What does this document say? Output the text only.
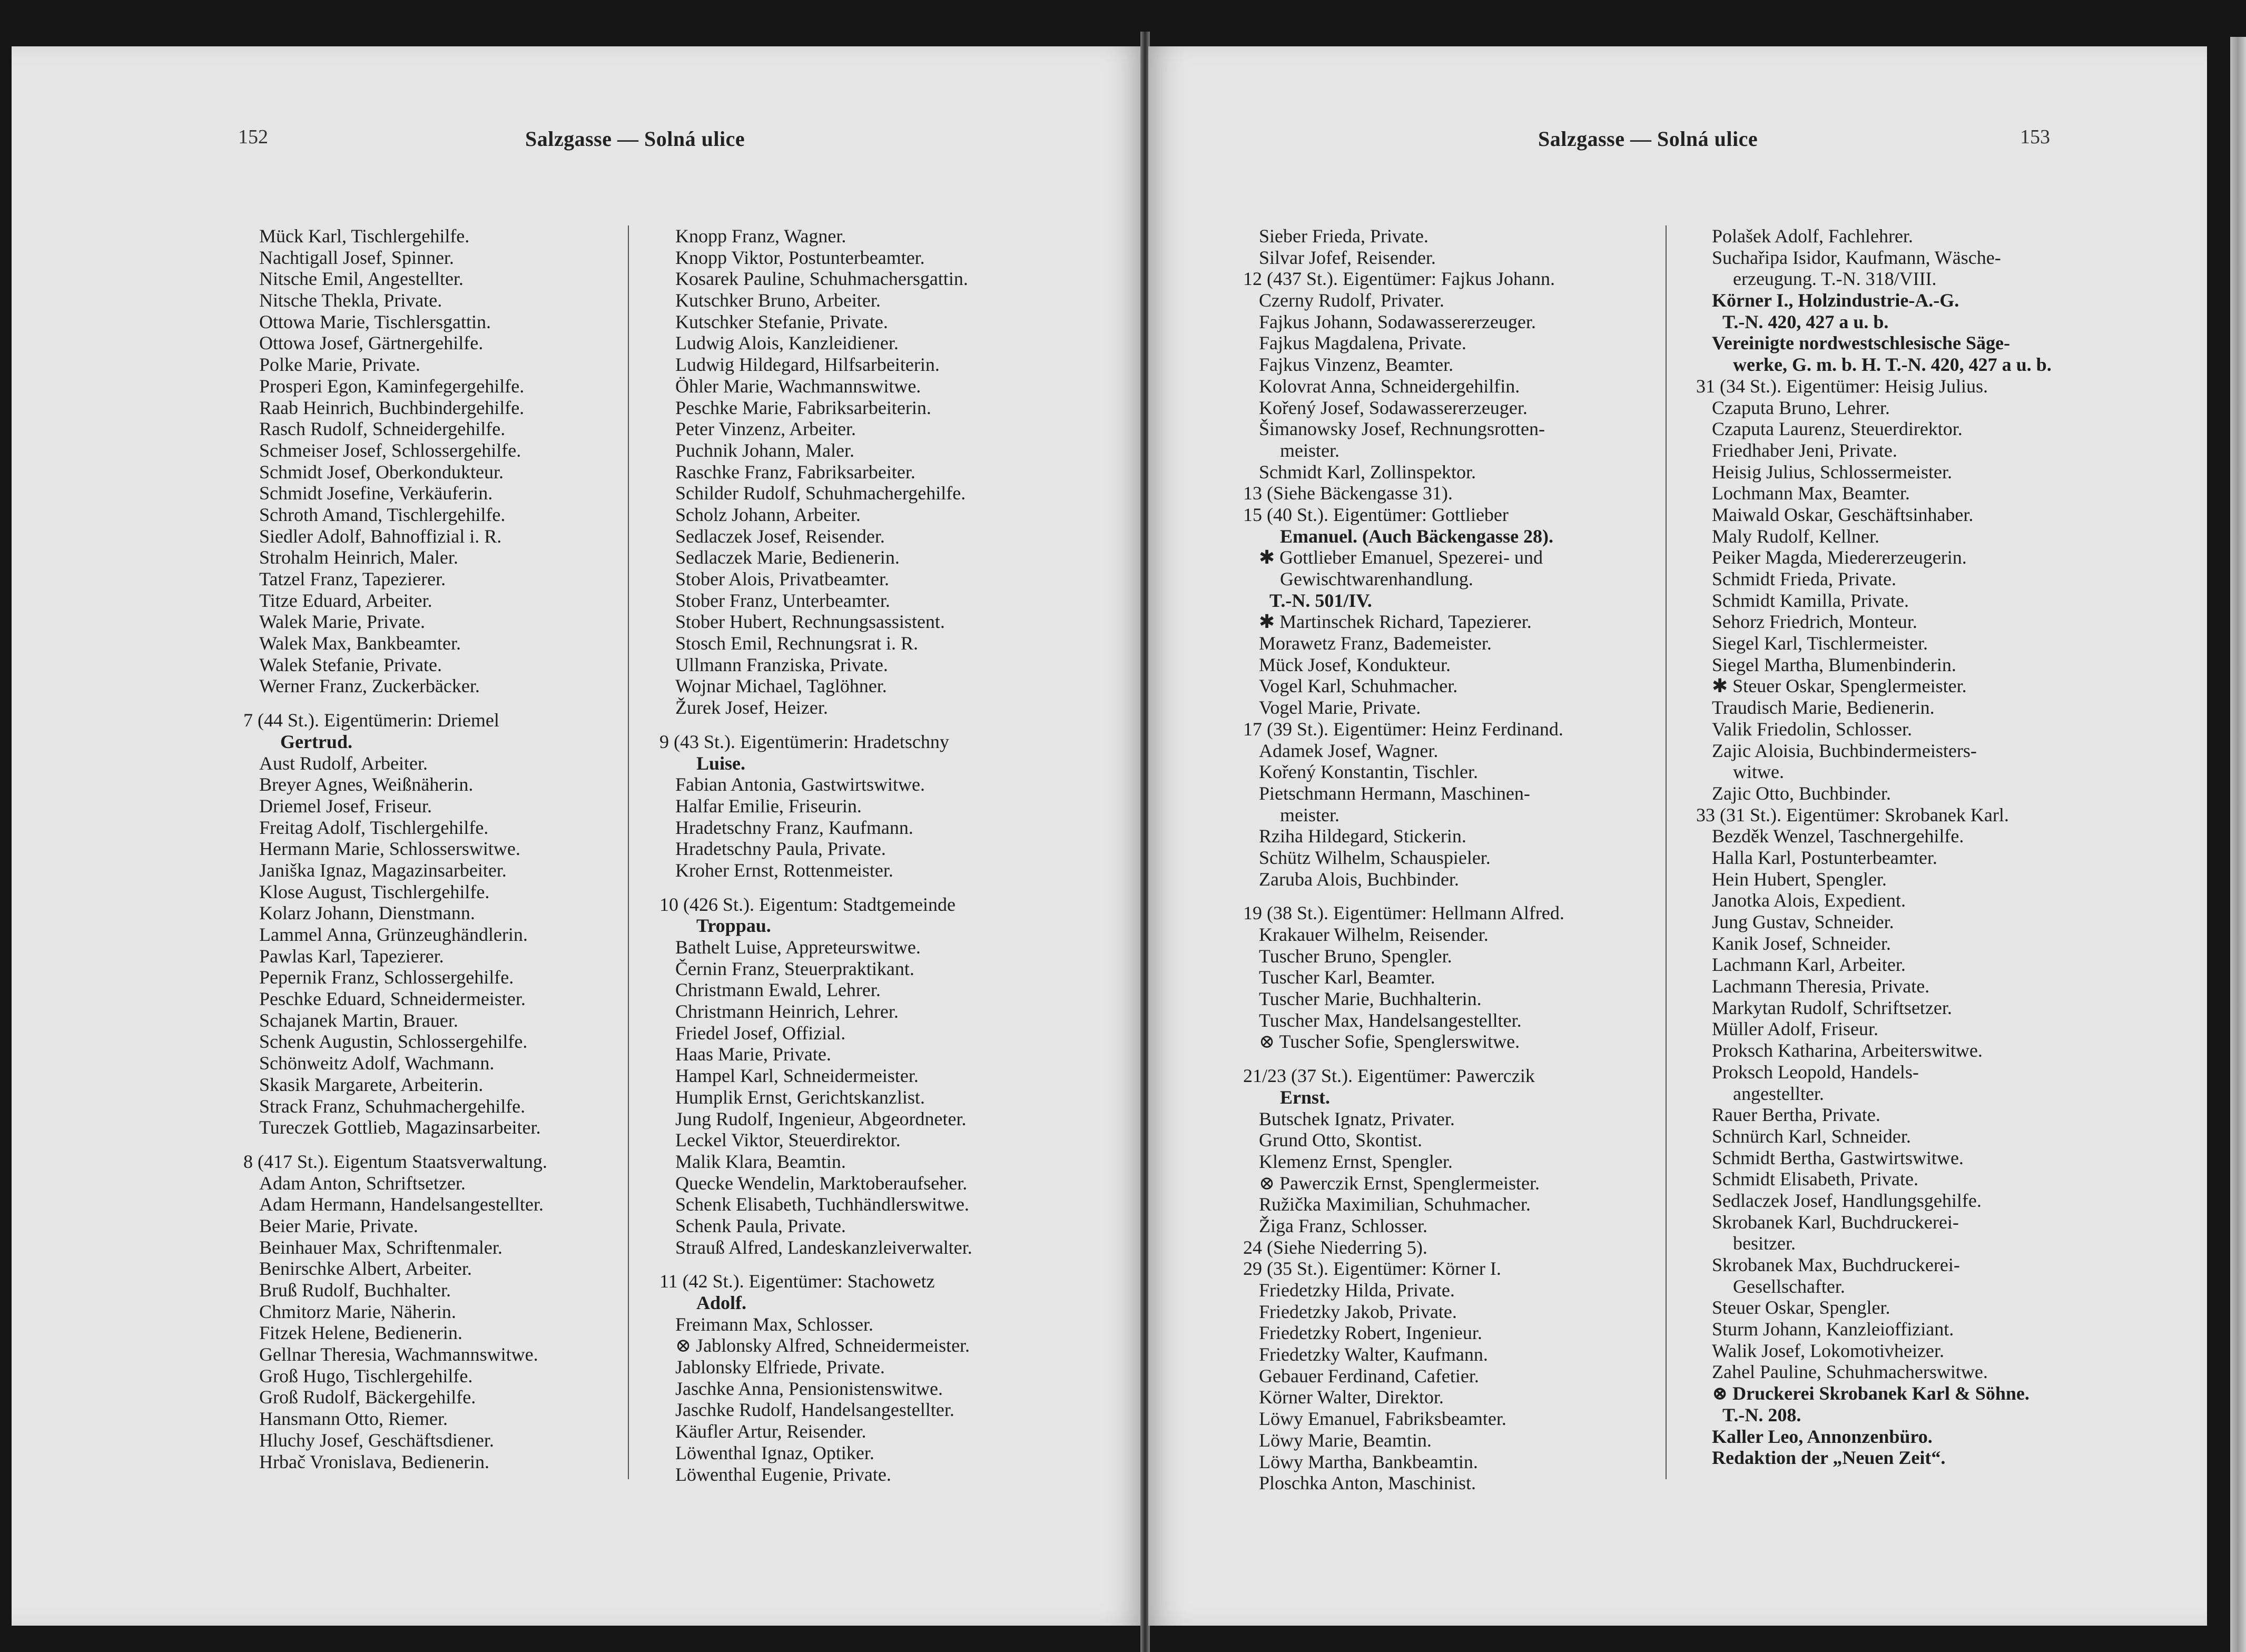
152	Salzgasse — Solná ulice
Mück Karl, Tischlergehilfe.
Nachtigall Josef, Spinner.
Nitsche Emil, Angestellter.
Nitsche Thekla, Private.
Ottowa Marie, Tischlersgattin.
Ottowa Josef, Gärtnergehilfe.
Polke Marie, Private.
Prosperi Egon, Kaminfegergehilfe.
Raab Heinrich, Buchbindergehilfe.
Rasch Rudolf, Schneidergehilfe.
Schmeiser Josef, Schlossergehilfe.
Schmidt Josef, Oberkondukteur.
Schmidt Josefine, Verkäuferin.
Schroth Amand, Tischlergehilfe.
Siedler Adolf, Bahnoffizial i. R.
Strohalm Heinrich, Maler.
Tatzel Franz, Tapezierer.
Titze Eduard, Arbeiter.
Walek Marie, Private.
Walek Max, Bankbeamter.
Walek Stefanie, Private.
Werner Franz, Zuckerbäcker.
7 (44 St.). Eigentümerin: Driemel
Gertrud.
Aust Rudolf, Arbeiter.
Breyer Agnes, Weißnäherin.
Driemel Josef, Friseur.
Freitag Adolf, Tischlergehilfe.
Hermann Marie, Schlosserswitwe.
Janiška Ignaz, Magazinsarbeiter.
Klose August, Tischlergehilfe.
Kolarz Johann, Dienstmann.
Lammel Anna, Grünzeughändlerin.
Pawlas Karl, Tapezierer.
Pepernik Franz, Schlossergehilfe.
Peschke Eduard, Schneidermeister.
Schajanek Martin, Brauer.
Schenk Augustin, Schlossergehilfe.
Schönweitz Adolf, Wachmann.
Skasik Margarete, Arbeiterin.
Strack Franz, Schuhmachergehilfe.
Tureczek Gottlieb, Magazinsarbeiter.
8 (417 St.). Eigentum Staatsverwaltung.
Adam Anton, Schriftsetzer.
Adam Hermann, Handelsangestellter.
Beier Marie, Private.
Beinhauer Max, Schriftenmaler.
Benirschke Albert, Arbeiter.
Bruß Rudolf, Buchhalter.
Chmitorz Marie, Näherin.
Fitzek Helene, Bedienerin.
Gellnar Theresia, Wachmannswitwe.
Groß Hugo, Tischlergehilfe.
Groß Rudolf, Bäckergehilfe.
Hansmann Otto, Riemer.
Hluchy Josef, Geschäftsdiener.
Hrbač Vronislava, Bedienerin.
Knopp Franz, Wagner.
Knopp Viktor, Postunterbeamter.
Kosarek Pauline, Schuhmachersgattin.
Kutschker Bruno, Arbeiter.
Kutschker Stefanie, Private.
Ludwig Alois, Kanzleidiener.
Ludwig Hildegard, Hilfsarbeiterin.
Öhler Marie, Wachmannswitwe.
Peschke Marie, Fabriksarbeiterin.
Peter Vinzenz, Arbeiter.
Puchnik Johann, Maler.
Raschke Franz, Fabriksarbeiter.
Schilder Rudolf, Schuhmachergehilfe.
Scholz Johann, Arbeiter.
Sedlaczek Josef, Reisender.
Sedlaczek Marie, Bedienerin.
Stober Alois, Privatbeamter.
Stober Franz, Unterbeamter.
Stober Hubert, Rechnungsassistent.
Stosch Emil, Rechnungsrat i. R.
Ullmann Franziska, Private.
Wojnar Michael, Taglöhner.
Žurek Josef, Heizer.
9 (43 St.). Eigentümerin: Hradetschny
Luise.
Fabian Antonia, Gastwirtswitwe.
Halfar Emilie, Friseurin.
Hradetschny Franz, Kaufmann.
Hradetschny Paula, Private.
Kroher Ernst, Rottenmeister.
10 (426 St.). Eigentum: Stadtgemeinde
Troppau.
Bathelt Luise, Appreteurswitwe.
Černin Franz, Steuerpraktikant.
Christmann Ewald, Lehrer.
Christmann Heinrich, Lehrer.
Friedel Josef, Offizial.
Haas Marie, Private.
Hampel Karl, Schneidermeister.
Humplik Ernst, Gerichtskanzlist.
Jung Rudolf, Ingenieur, Abgeordneter.
Leckel Viktor, Steuerdirektor.
Malik Klara, Beamtin.
Quecke Wendelin, Marktoberaufseher.
Schenk Elisabeth, Tuchhändlerswitwe.
Schenk Paula, Private.
Strauß Alfred, Landeskanzleiverwalter.
11 (42 St.). Eigentümer: Stachowetz
Adolf.
Freimann Max, Schlosser.
⊗ Jablonsky Alfred, Schneidermeister.
Jablonsky Elfriede, Private.
Jaschke Anna, Pensionistenswitwe.
Jaschke Rudolf, Handelsangestellter.
Käufler Artur, Reisender.
Löwenthal Ignaz, Optiker.
Löwenthal Eugenie, Private.
Salzgasse — Solná ulice	153
Sieber Frieda, Private.
Silvar Jofef, Reisender.
12 (437 St.). Eigentümer: Fajkus Johann.
Czerny Rudolf, Privater.
Fajkus Johann, Sodawassererzeuger.
Fajkus Magdalena, Private.
Fajkus Vinzenz, Beamter.
Kolovrat Anna, Schneidergehilfin.
Kořený Josef, Sodawassererzeuger.
Šimanowsky Josef, Rechnungsrotten-
meister.
Schmidt Karl, Zollinspektor.
13 (Siehe Bäckengasse 31).
15 (40 St.). Eigentümer: Gottlieber
Emanuel. (Auch Bäckengasse 28).
✱ Gottlieber Emanuel, Spezerei- und
Gewischtwarenhandlung.
T.-N. 501/IV.
✱ Martinschek Richard, Tapezierer.
Morawetz Franz, Bademeister.
Mück Josef, Kondukteur.
Vogel Karl, Schuhmacher.
Vogel Marie, Private.
17 (39 St.). Eigentümer: Heinz Ferdinand.
Adamek Josef, Wagner.
Kořený Konstantin, Tischler.
Pietschmann Hermann, Maschinen-
meister.
Rziha Hildegard, Stickerin.
Schütz Wilhelm, Schauspieler.
Zaruba Alois, Buchbinder.
19 (38 St.). Eigentümer: Hellmann Alfred.
Krakauer Wilhelm, Reisender.
Tuscher Bruno, Spengler.
Tuscher Karl, Beamter.
Tuscher Marie, Buchhalterin.
Tuscher Max, Handelsangestellter.
⊗ Tuscher Sofie, Spenglerswitwe.
21/23 (37 St.). Eigentümer: Pawerczik
Ernst.
Butschek Ignatz, Privater.
Grund Otto, Skontist.
Klemenz Ernst, Spengler.
⊗ Pawerczik Ernst, Spenglermeister.
Ružička Maximilian, Schuhmacher.
Žiga Franz, Schlosser.
24 (Siehe Niederring 5).
29 (35 St.). Eigentümer: Körner I.
Friedetzky Hilda, Private.
Friedetzky Jakob, Private.
Friedetzky Robert, Ingenieur.
Friedetzky Walter, Kaufmann.
Gebauer Ferdinand, Cafetier.
Körner Walter, Direktor.
Löwy Emanuel, Fabriksbeamter.
Löwy Marie, Beamtin.
Löwy Martha, Bankbeamtin.
Ploschka Anton, Maschinist.
Polašek Adolf, Fachlehrer.
Suchařipa Isidor, Kaufmann, Wäsche-
erzeugung. T.-N. 318/VIII.
Körner I., Holzindustrie-A.-G.
T.-N. 420, 427 a u. b.
Vereinigte nordwestschlesische Säge-
werke, G. m. b. H. T.-N. 420, 427 a u. b.
31 (34 St.). Eigentümer: Heisig Julius.
Czaputa Bruno, Lehrer.
Czaputa Laurenz, Steuerdirektor.
Friedhaber Jeni, Private.
Heisig Julius, Schlossermeister.
Lochmann Max, Beamter.
Maiwald Oskar, Geschäftsinhaber.
Maly Rudolf, Kellner.
Peiker Magda, Miedererzeugerin.
Schmidt Frieda, Private.
Schmidt Kamilla, Private.
Sehorz Friedrich, Monteur.
Siegel Karl, Tischlermeister.
Siegel Martha, Blumenbinderin.
✱ Steuer Oskar, Spenglermeister.
Traudisch Marie, Bedienerin.
Valik Friedolin, Schlosser.
Zajic Aloisia, Buchbindermeisters-
witwe.
Zajic Otto, Buchbinder.
33 (31 St.). Eigentümer: Skrobanek Karl.
Bezděk Wenzel, Taschnergehilfe.
Halla Karl, Postunterbeamter.
Hein Hubert, Spengler.
Janotka Alois, Expedient.
Jung Gustav, Schneider.
Kanik Josef, Schneider.
Lachmann Karl, Arbeiter.
Lachmann Theresia, Private.
Markytan Rudolf, Schriftsetzer.
Müller Adolf, Friseur.
Proksch Katharina, Arbeiterswitwe.
Proksch Leopold, Handels-
angestellter.
Rauer Bertha, Private.
Schnürch Karl, Schneider.
Schmidt Bertha, Gastwirtswitwe.
Schmidt Elisabeth, Private.
Sedlaczek Josef, Handlungsgehilfe.
Skrobanek Karl, Buchdruckerei-
besitzer.
Skrobanek Max, Buchdruckerei-
Gesellschafter.
Steuer Oskar, Spengler.
Sturm Johann, Kanzleioffiziant.
Walik Josef, Lokomotivheizer.
Zahel Pauline, Schuhmacherswitwe.
⊗ Druckerei Skrobanek Karl & Söhne.
T.-N. 208.
Kaller Leo, Annonzenbüro.
Redaktion der „Neuen Zeit“.
